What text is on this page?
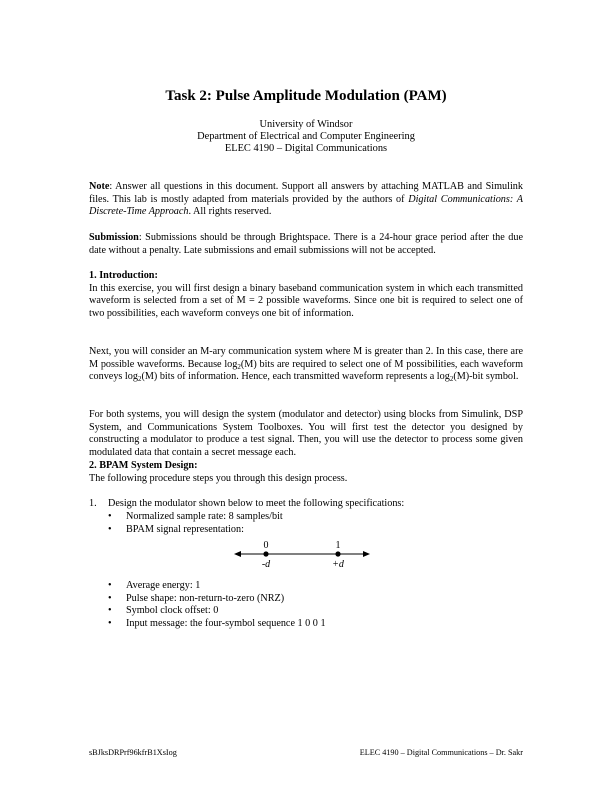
Task 2: Pulse Amplitude Modulation (PAM)
University of Windsor
Department of Electrical and Computer Engineering
ELEC 4190 – Digital Communications

Note: Answer all questions in this document. Support all answers by attaching MATLAB and Simulink files. This lab is mostly adapted from materials provided by the authors of Digital Communications: A Discrete-Time Approach. All rights reserved.

Submission: Submissions should be through Brightspace. There is a 24-hour grace period after the due date without a penalty. Late submissions and email submissions will not be accepted.

1. Introduction:

In this exercise, you will first design a binary baseband communication system in which each transmitted waveform is selected from a set of M = 2 possible waveforms. Since one bit is required to select one of two possibilities, each waveform conveys one bit of information.

Next, you will consider an M-ary communication system where M is greater than 2. In this case, there are M possible waveforms. Because $\log_2(M)$ bits are required to select one of M possibilities, each waveform conveys $\log_2(M)$ bits of information. Hence, each transmitted waveform represents a $\log_2(M)$-bit symbol.

For both systems, you will design the system (modulator and detector) using blocks from Simulink, DSP System, and Communications System Toolboxes. You will first test the detector you designed by constructing a modulator to produce a test signal. Then, you will use the detector to process some given modulated data that contain a secret message each.

2. BPAM System Design:

The following procedure steps you through this design process.

1. Design the modulator shown below to meet the following specifications:
• Normalized sample rate: 8 samples/bit
• BPAM signal representation:
0	1
-d	+d
• Average energy: 1
• Pulse shape: non-return-to-zero (NRZ)
• Symbol clock offset: 0
• Input message: the four-symbol sequence 1 0 0 1
sBJksDRPrf96kfrB1XsIog	ELEC 4190 – Digital Communications – Dr. Sakr
